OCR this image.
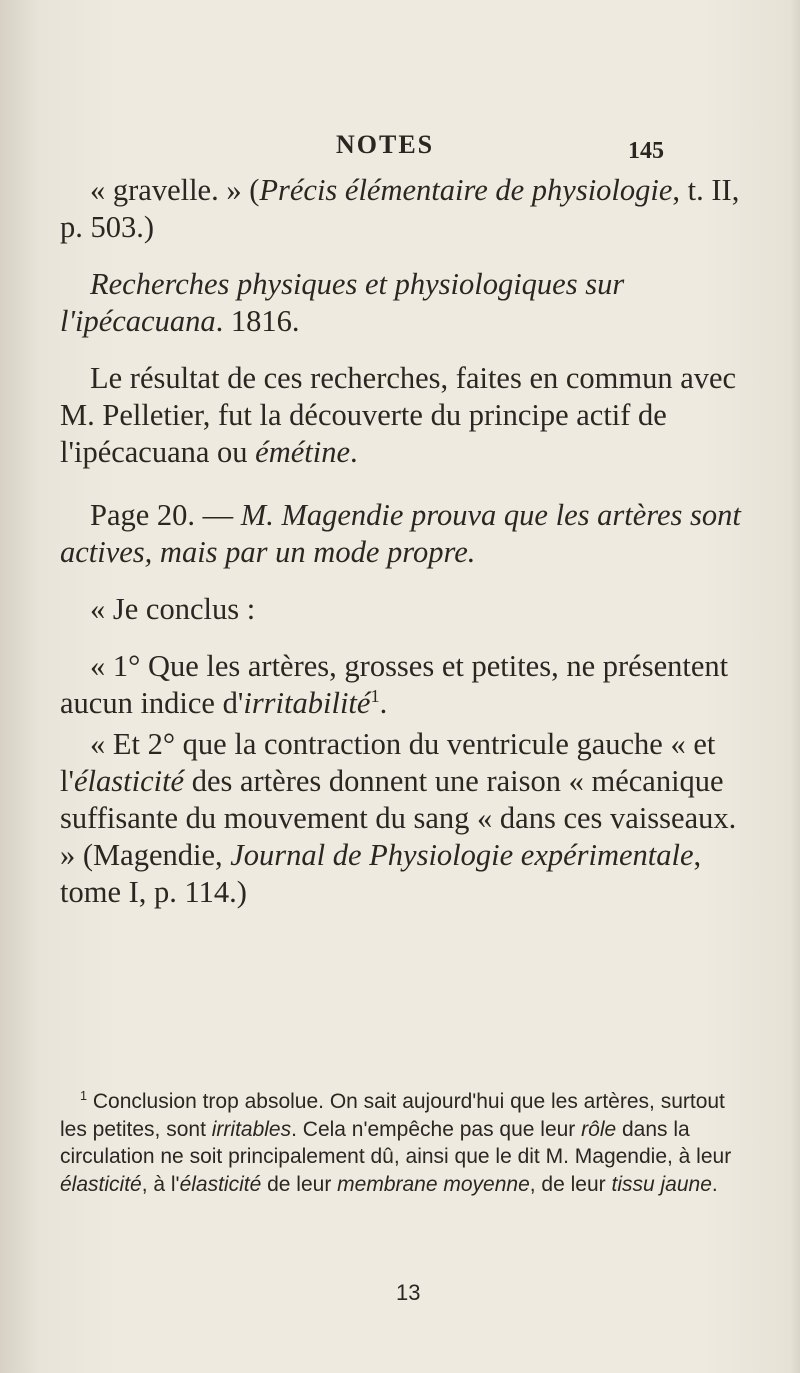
NOTES	145

« gravelle. » (Précis élémentaire de physiologie, t. II, p. 503.)

Recherches physiques et physiologiques sur l'ipécacuana. 1816.

Le résultat de ces recherches, faites en commun avec M. Pelletier, fut la découverte du principe actif de l'ipécacuana ou émétine.

Page 20. — M. Magendie prouva que les artères sont actives, mais par un mode propre.

« Je conclus :

« 1° Que les artères, grosses et petites, ne présentent aucun indice d'irritabilité$^1$.

« Et 2° que la contraction du ventricule gauche « et l'élasticité des artères donnent une raison « mécanique suffisante du mouvement du sang « dans ces vaisseaux. » (Magendie, Journal de Physiologie expérimentale, tome I, p. 114.)

$^1$ Conclusion trop absolue. On sait aujourd'hui que les artères, surtout les petites, sont irritables. Cela n'empêche pas que leur rôle dans la circulation ne soit principalement dû, ainsi que le dit M. Magendie, à leur élasticité, à l'élasticité de leur membrane moyenne, de leur tissu jaune.

13
